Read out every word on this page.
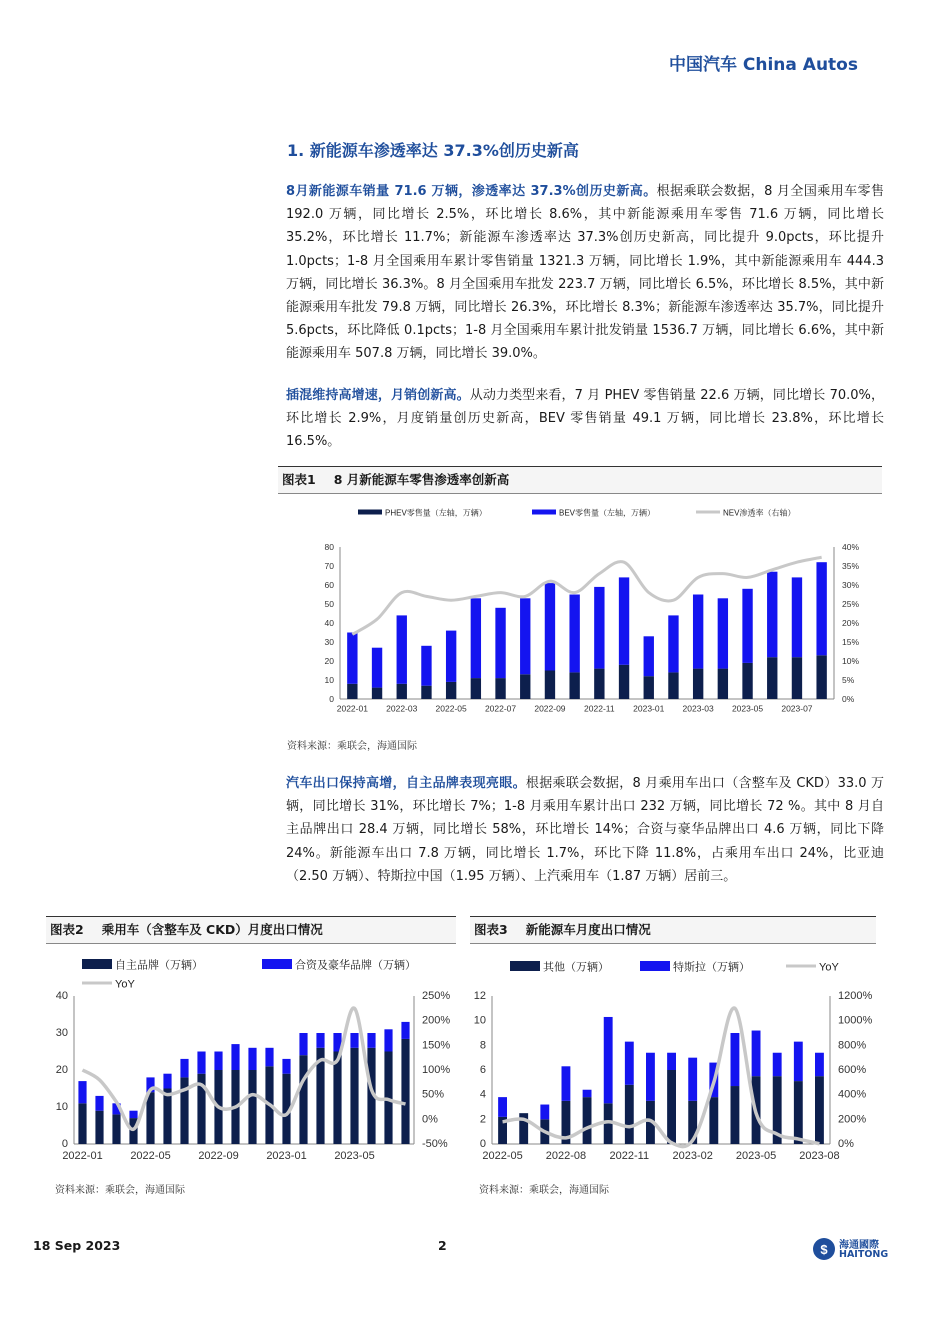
中国汽车 China Autos
1. 新能源车渗透率达 37.3%创历史新高
8月新能源车销量 71.6 万辆，渗透率达 37.3%创历史新高。根据乘联会数据，8 月全国乘用车零售 192.0 万辆，同比增长 2.5%，环比增长 8.6%，其中新能源乘用车零售 71.6 万辆，同比增长 35.2%，环比增长 11.7%；新能源车渗透率达 37.3%创历史新高，同比提升 9.0pcts，环比提升 1.0pcts；1-8 月全国乘用车累计零售销量 1321.3 万辆，同比增长 1.9%，其中新能源乘用车 444.3 万辆，同比增长 36.3%。8 月全国乘用车批发 223.7 万辆，同比增长 6.5%，环比增长 8.5%，其中新能源乘用车批发 79.8 万辆，同比增长 26.3%，环比增长 8.3%；新能源车渗透率达 35.7%，同比提升 5.6pcts，环比降低 0.1pcts；1-8 月全国乘用车累计批发销量 1536.7 万辆，同比增长 6.6%，其中新能源乘用车 507.8 万辆，同比增长 39.0%。
插混维持高增速，月销创新高。从动力类型来看，7 月 PHEV 零售销量 22.6 万辆，同比增长 70.0%，环比增长 2.9%，月度销量创历史新高，BEV 零售销量 49.1 万辆，同比增长 23.8%，环比增长 16.5%。
图表1 8 月新能源车零售渗透率创新高
PHEV零售量（左轴，万辆）	BEV零售量（左轴，万辆）	NEV渗透率（右轴）
0
10
20
30
40
50
60
70
80
0%
5%
10%
15%
20%
25%
30%
35%
40%
2022-01 2022-03 2022-05 2022-07 2022-09 2022-11 2023-01 2023-03 2023-05 2023-07
资料来源：乘联会，海通国际
汽车出口保持高增，自主品牌表现亮眼。根据乘联会数据，8 月乘用车出口（含整车及 CKD）33.0 万辆，同比增长 31%，环比增长 7%；1-8 月乘用车累计出口 232 万辆，同比增长 72 %。其中 8 月自主品牌出口 28.4 万辆，同比增长 58%，环比增长 14%；合资与豪华品牌出口 4.6 万辆，同比下降 24%。新能源车出口 7.8 万辆，同比增长 1.7%，环比下降 11.8%，占乘用车出口 24%，比亚迪（2.50 万辆）、特斯拉中国（1.95 万辆）、上汽乘用车（1.87 万辆）居前三。
图表2 乘用车（含整车及 CKD）月度出口情况
自主品牌（万辆）	合资及豪华品牌（万辆）
YoY
0
10
20
30
40
-50%
0%
50%
100%
150%
200%
250%
2022-01	2022-05	2022-09	2023-01	2023-05
资料来源：乘联会，海通国际
图表3 新能源车月度出口情况
其他（万辆）	特斯拉（万辆）	YoY
0
2
4
6
8
10
12
0%
200%
400%
600%
800%
1000%
1200%
2022-05 2022-08 2022-11 2023-02 2023-05 2023-08
资料来源：乘联会，海通国际
18 Sep 2023	2	$ 海通國際
HAITONG
